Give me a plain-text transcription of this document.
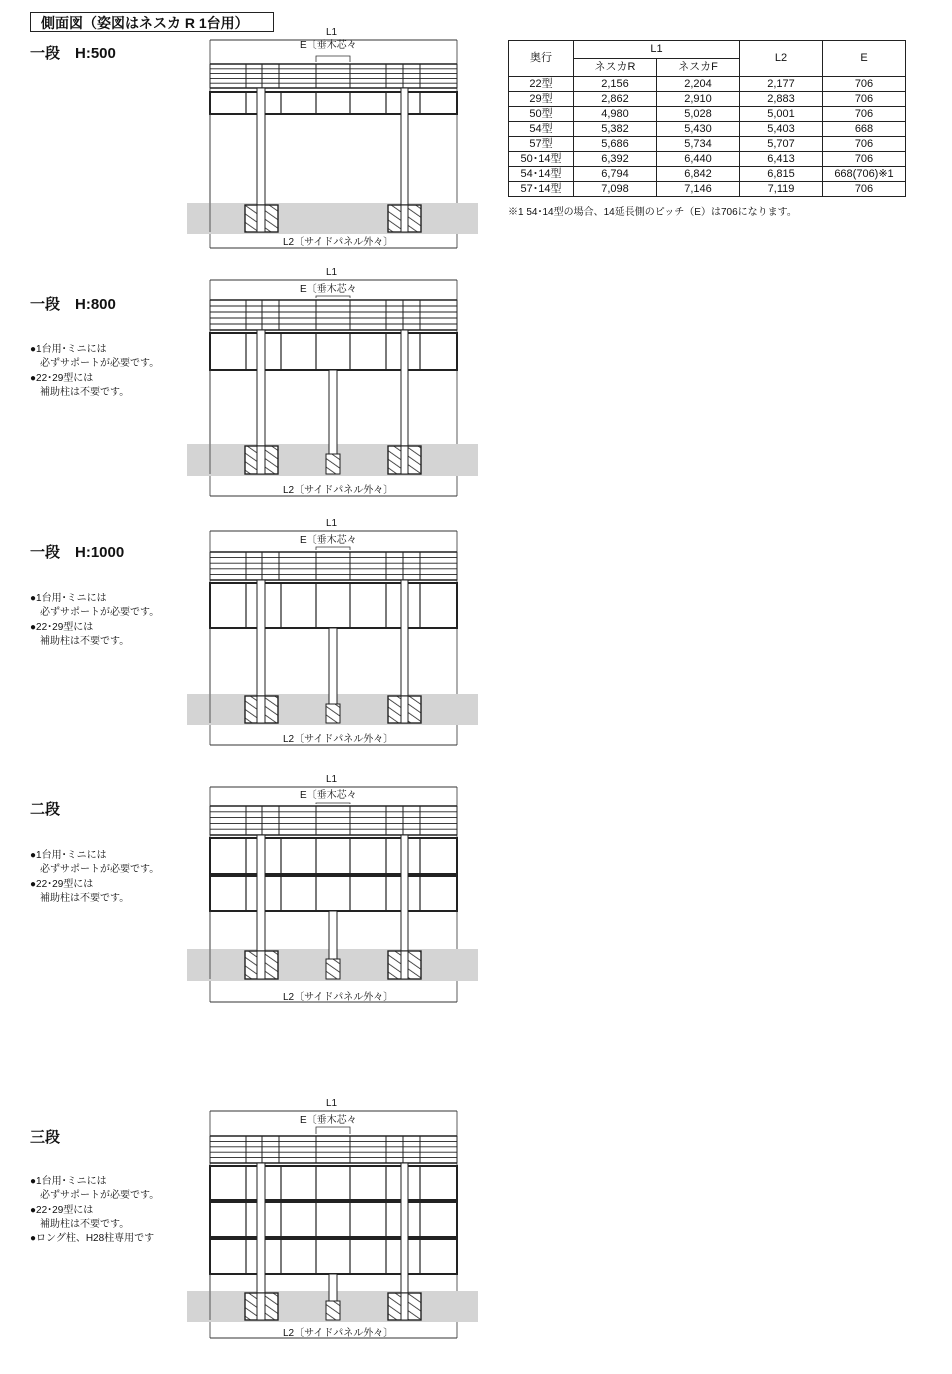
側面図（姿図はネスカ R 1台用）
一段　H:500
一段　H:800
一段　H:1000
二段
三段

●1台用･ミニには
　必ずサポートが必要です。
●22･29型には
　補助柱は不要です。

●1台用･ミニには
　必ずサポートが必要です。
●22･29型には
　補助柱は不要です。

●1台用･ミニには
　必ずサポートが必要です。
●22･29型には
　補助柱は不要です。

●1台用･ミニには
　必ずサポートが必要です。
●22･29型には
　補助柱は不要です。
●ロング柱、H28柱専用です

L1
E〔垂木芯々
L2〔サイドパネル外々〕
L1
E〔垂木芯々
L2〔サイドパネル外々〕
L1
E〔垂木芯々
L2〔サイドパネル外々〕
L1
E〔垂木芯々
L2〔サイドパネル外々〕
L1
E〔垂木芯々
L2〔サイドパネル外々〕
奥行	L1		L2	E
	ネスカR	ネスカF		
22型	2,156	2,204	2,177	706
29型	2,862	2,910	2,883	706
50型	4,980	5,028	5,001	706
54型	5,382	5,430	5,403	668
57型	5,686	5,734	5,707	706
50･14型	6,392	6,440	6,413	706
54･14型	6,794	6,842	6,815	668(706)※1
57･14型	7,098	7,146	7,119	706
※1 54･14型の場合、14延長側のピッチ（E）は706になります。
